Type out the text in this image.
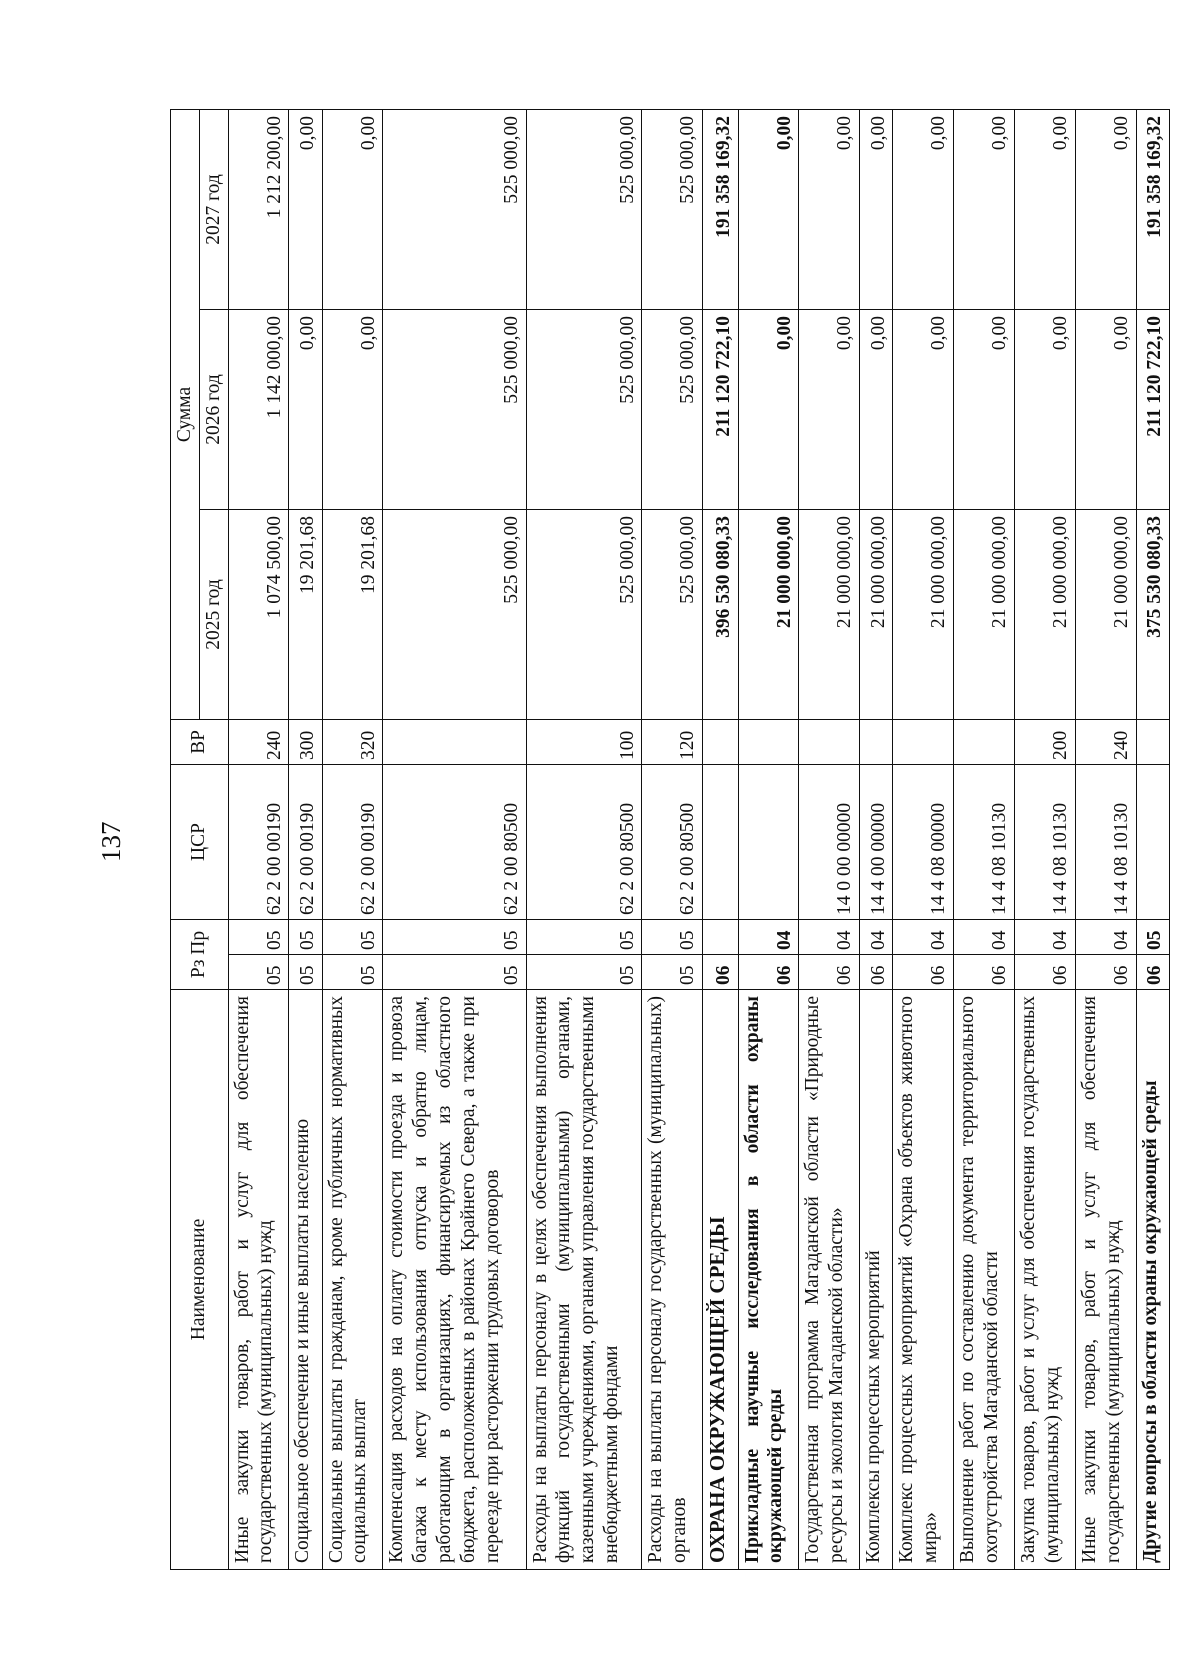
137
Наименование	Рз Пр		ЦСР	ВР	Сумма		
					2025 год	2026 год	2027 год
Иные закупки товаров, работ и услуг для обеспечения государственных (муниципальных) нужд	05	05	62 2 00 00190	240	1 074 500,00	1 142 000,00	1 212 200,00
Социальное обеспечение и иные выплаты населению	05	05	62 2 00 00190	300	19 201,68	0,00	0,00
Социальные выплаты гражданам, кроме публичных нормативных социальных выплат	05	05	62 2 00 00190	320	19 201,68	0,00	0,00
Компенсация расходов на оплату стоимости проезда и провоза багажа к месту использования отпуска и обратно лицам, работающим в организациях, финансируемых из областного бюджета, расположенных в районах Крайнего Севера, а также при переезде при расторжении трудовых договоров	05	05	62 2 00 80500		525 000,00	525 000,00	525 000,00
Расходы на выплаты персоналу в целях обеспечения выполнения функций государственными (муниципальными) органами, казенными учреждениями, органами управления государственными внебюджетными фондами	05	05	62 2 00 80500	100	525 000,00	525 000,00	525 000,00
Расходы на выплаты персоналу государственных (муниципальных) органов	05	05	62 2 00 80500	120	525 000,00	525 000,00	525 000,00
ОХРАНА ОКРУЖАЮЩЕЙ СРЕДЫ	06				396 530 080,33	211 120 722,10	191 358 169,32
Прикладные научные исследования в области охраны окружающей среды	06	04			21 000 000,00	0,00	0,00
Государственная программа Магаданской области «Природные ресурсы и экология Магаданской области»	06	04	14 0 00 00000		21 000 000,00	0,00	0,00
Комплексы процессных мероприятий	06	04	14 4 00 00000		21 000 000,00	0,00	0,00
Комплекс процессных мероприятий «Охрана объектов животного мира»	06	04	14 4 08 00000		21 000 000,00	0,00	0,00
Выполнение работ по составлению документа территориального охотустройства Магаданской области	06	04	14 4 08 10130		21 000 000,00	0,00	0,00
Закупка товаров, работ и услуг для обеспечения государственных (муниципальных) нужд	06	04	14 4 08 10130	200	21 000 000,00	0,00	0,00
Иные закупки товаров, работ и услуг для обеспечения государственных (муниципальных) нужд	06	04	14 4 08 10130	240	21 000 000,00	0,00	0,00
Другие вопросы в области охраны окружающей среды	06	05			375 530 080,33	211 120 722,10	191 358 169,32
